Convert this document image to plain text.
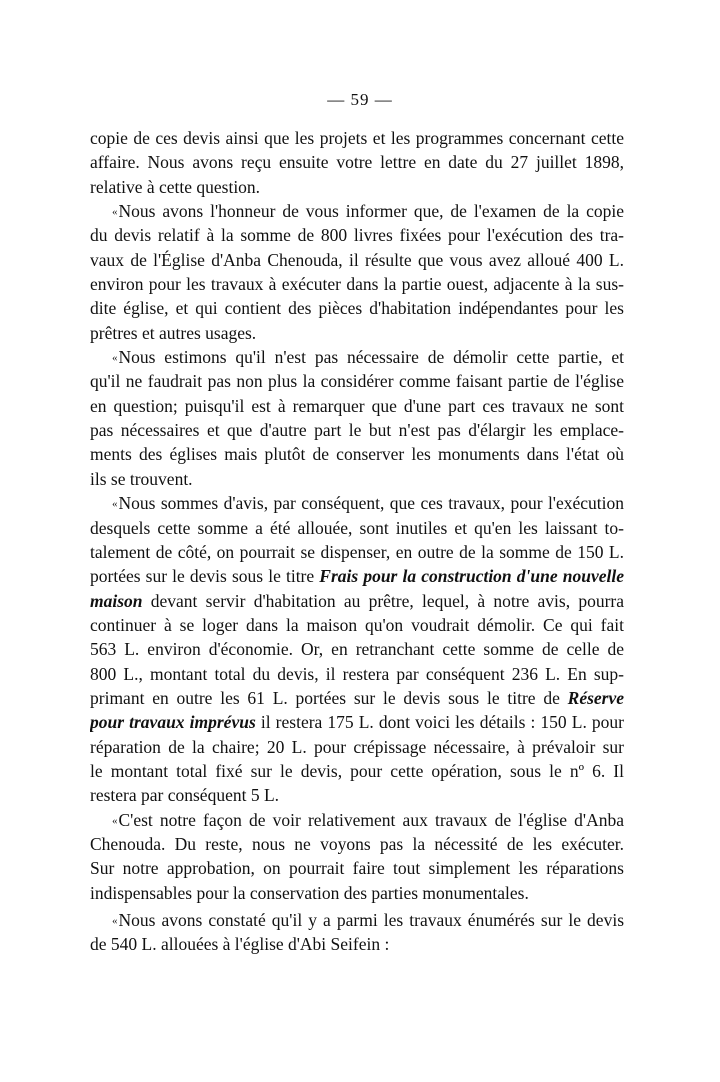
— 59 —
copie de ces devis ainsi que les projets et les programmes concernant cette
affaire. Nous avons reçu ensuite votre lettre en date du 27 juillet 1898,
relative à cette question.
«Nous avons l'honneur de vous informer que, de l'examen de la copie
du devis relatif à la somme de 800 livres fixées pour l'exécution des tra-
vaux de l'Église d'Anba Chenouda, il résulte que vous avez alloué 400 L.
environ pour les travaux à exécuter dans la partie ouest, adjacente à la sus-
dite église, et qui contient des pièces d'habitation indépendantes pour les
prêtres et autres usages.
«Nous estimons qu'il n'est pas nécessaire de démolir cette partie, et
qu'il ne faudrait pas non plus la considérer comme faisant partie de l'église
en question; puisqu'il est à remarquer que d'une part ces travaux ne sont
pas nécessaires et que d'autre part le but n'est pas d'élargir les emplace-
ments des églises mais plutôt de conserver les monuments dans l'état où
ils se trouvent.
«Nous sommes d'avis, par conséquent, que ces travaux, pour l'exécution
desquels cette somme a été allouée, sont inutiles et qu'en les laissant to-
talement de côté, on pourrait se dispenser, en outre de la somme de 150 L.
portées sur le devis sous le titre Frais pour la construction d'une nouvelle
maison devant servir d'habitation au prêtre, lequel, à notre avis, pourra
continuer à se loger dans la maison qu'on voudrait démolir. Ce qui fait
563 L. environ d'économie. Or, en retranchant cette somme de celle de
800 L., montant total du devis, il restera par conséquent 236 L. En sup-
primant en outre les 61 L. portées sur le devis sous le titre de Réserve
pour travaux imprévus il restera 175 L. dont voici les détails : 150 L. pour
réparation de la chaire; 20 L. pour crépissage nécessaire, à prévaloir sur
le montant total fixé sur le devis, pour cette opération, sous le nº 6. Il
restera par conséquent 5 L.
«C'est notre façon de voir relativement aux travaux de l'église d'Anba
Chenouda. Du reste, nous ne voyons pas la nécessité de les exécuter.
Sur notre approbation, on pourrait faire tout simplement les réparations
indispensables pour la conservation des parties monumentales.
«Nous avons constaté qu'il y a parmi les travaux énumérés sur le devis
de 540 L. allouées à l'église d'Abi Seifein :
